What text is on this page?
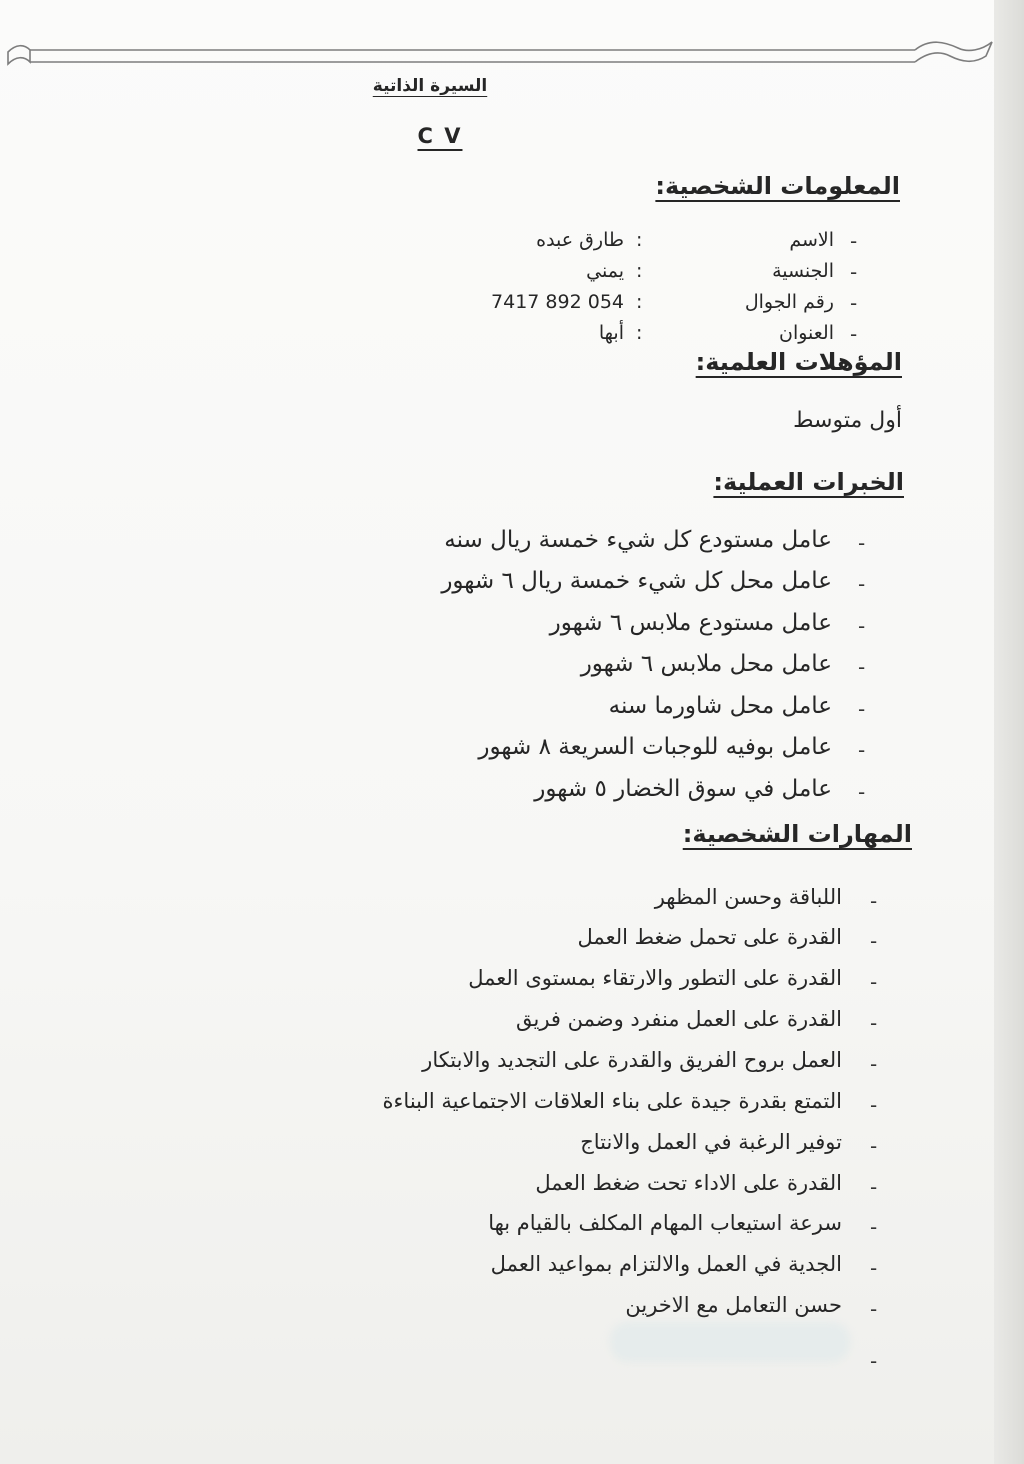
السيرة الذاتية
C V
المعلومات الشخصية:
-
الاسم
:
طارق عبده
-
الجنسية
:
يمني
-
رقم الجوال
:
054 892 7417
-
العنوان
:
أبها
المؤهلات العلمية:
أول متوسط
الخبرات العملية:
-
عامل مستودع كل شيء خمسة ريال سنه
-
عامل محل كل شيء خمسة ريال ٦ شهور
-
عامل مستودع ملابس ٦ شهور
-
عامل محل ملابس ٦ شهور
-
عامل محل شاورما سنه
-
عامل بوفيه للوجبات السريعة ٨ شهور
-
عامل في سوق الخضار ٥ شهور
المهارات الشخصية:
-
اللباقة وحسن المظهر
-
القدرة على تحمل ضغط العمل
-
القدرة على التطور والارتقاء بمستوى العمل
-
القدرة على العمل منفرد وضمن فريق
-
العمل بروح الفريق والقدرة على التجديد والابتكار
-
التمتع بقدرة جيدة على بناء العلاقات الاجتماعية البناءة
-
توفير الرغبة في العمل والانتاج
-
القدرة على الاداء تحت ضغط العمل
-
سرعة استيعاب المهام المكلف بالقيام بها
-
الجدية في العمل والالتزام بمواعيد العمل
-
حسن التعامل مع الاخرين
-
